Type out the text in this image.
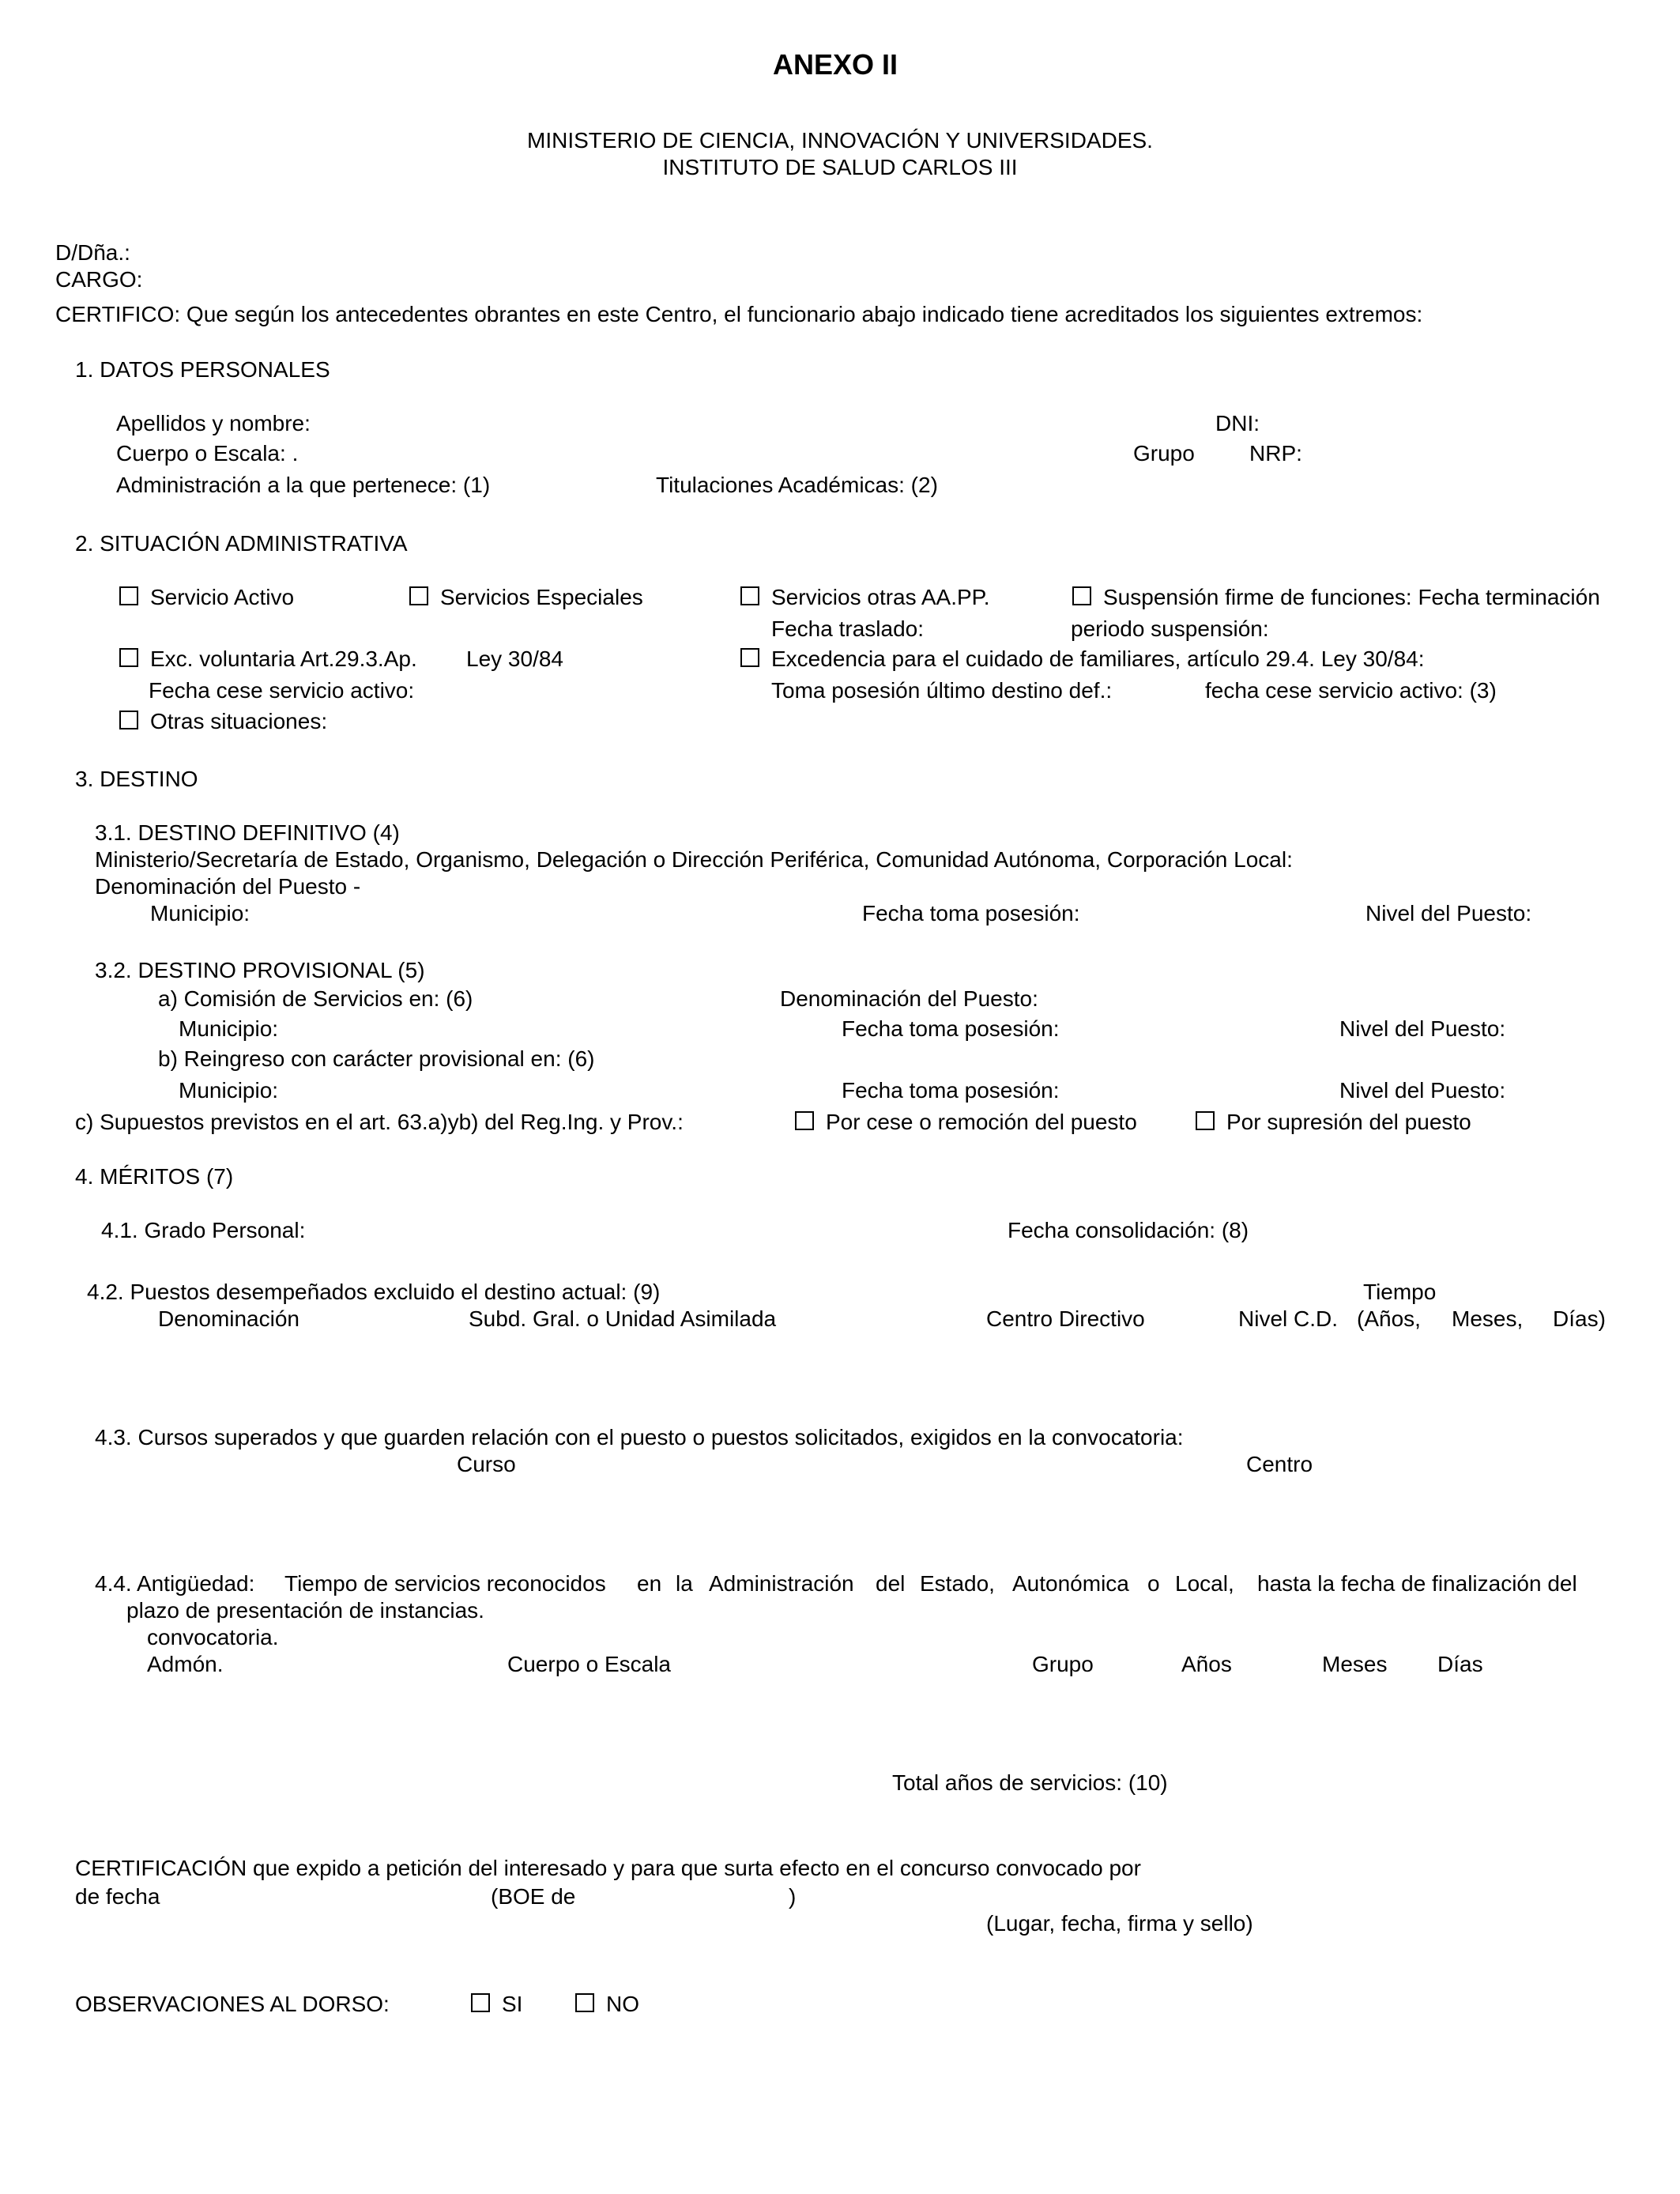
ANEXO II
MINISTERIO DE CIENCIA, INNOVACIÓN Y UNIVERSIDADES.
INSTITUTO DE SALUD CARLOS III
D/Dña.:
CARGO:
CERTIFICO: Que según los antecedentes obrantes en este Centro, el funcionario abajo indicado tiene acreditados los siguientes extremos:
1. DATOS PERSONALES
Apellidos y nombre:	DNI:
Cuerpo o Escala: .	Grupo NRP:
Administración a la que pertenece: (1)	Titulaciones Académicas: (2)
2. SITUACIÓN ADMINISTRATIVA
Servicio Activo	Servicios Especiales	Servicios otras AA.PP.	Suspensión firme de funciones: Fecha terminación
Fecha traslado:	periodo suspensión:
Exc. voluntaria Art.29.3.Ap. Ley 30/84	Excedencia para el cuidado de familiares, artículo 29.4. Ley 30/84:
Fecha cese servicio activo:	Toma posesión último destino def.:	fecha cese servicio activo: (3)
Otras situaciones:
3. DESTINO
3.1. DESTINO DEFINITIVO (4)
Ministerio/Secretaría de Estado, Organismo, Delegación o Dirección Periférica, Comunidad Autónoma, Corporación Local:
Denominación del Puesto -
Municipio:	Fecha toma posesión:	Nivel del Puesto:
3.2. DESTINO PROVISIONAL (5)
a) Comisión de Servicios en: (6)	Denominación del Puesto:
Municipio:	Fecha toma posesión:	Nivel del Puesto:
b) Reingreso con carácter provisional en: (6)
Municipio:	Fecha toma posesión:	Nivel del Puesto:
c) Supuestos previstos en el art. 63.a)yb) del Reg.Ing. y Prov.:	Por cese o remoción del puesto	Por supresión del puesto
4. MÉRITOS (7)
4.1. Grado Personal:	Fecha consolidación: (8)
4.2. Puestos desempeñados excluido el destino actual: (9)	Tiempo
Denominación	Subd. Gral. o Unidad Asimilada	Centro Directivo	Nivel C.D. (Años, Meses, Días)
4.3. Cursos superados y que guarden relación con el puesto o puestos solicitados, exigidos en la convocatoria:
Curso	Centro
4.4. Antigüedad: Tiempo de servicios reconocidos en la Administración del Estado, Autonómica o Local, hasta la fecha de finalización del
plazo de presentación de instancias.
convocatoria.
Admón.	Cuerpo o Escala	Grupo	Años	Meses Días
Total años de servicios: (10)
CERTIFICACIÓN que expido a petición del interesado y para que surta efecto en el concurso convocado por
de fecha	(BOE de	)
(Lugar, fecha, firma y sello)
OBSERVACIONES AL DORSO:	SI	NO
